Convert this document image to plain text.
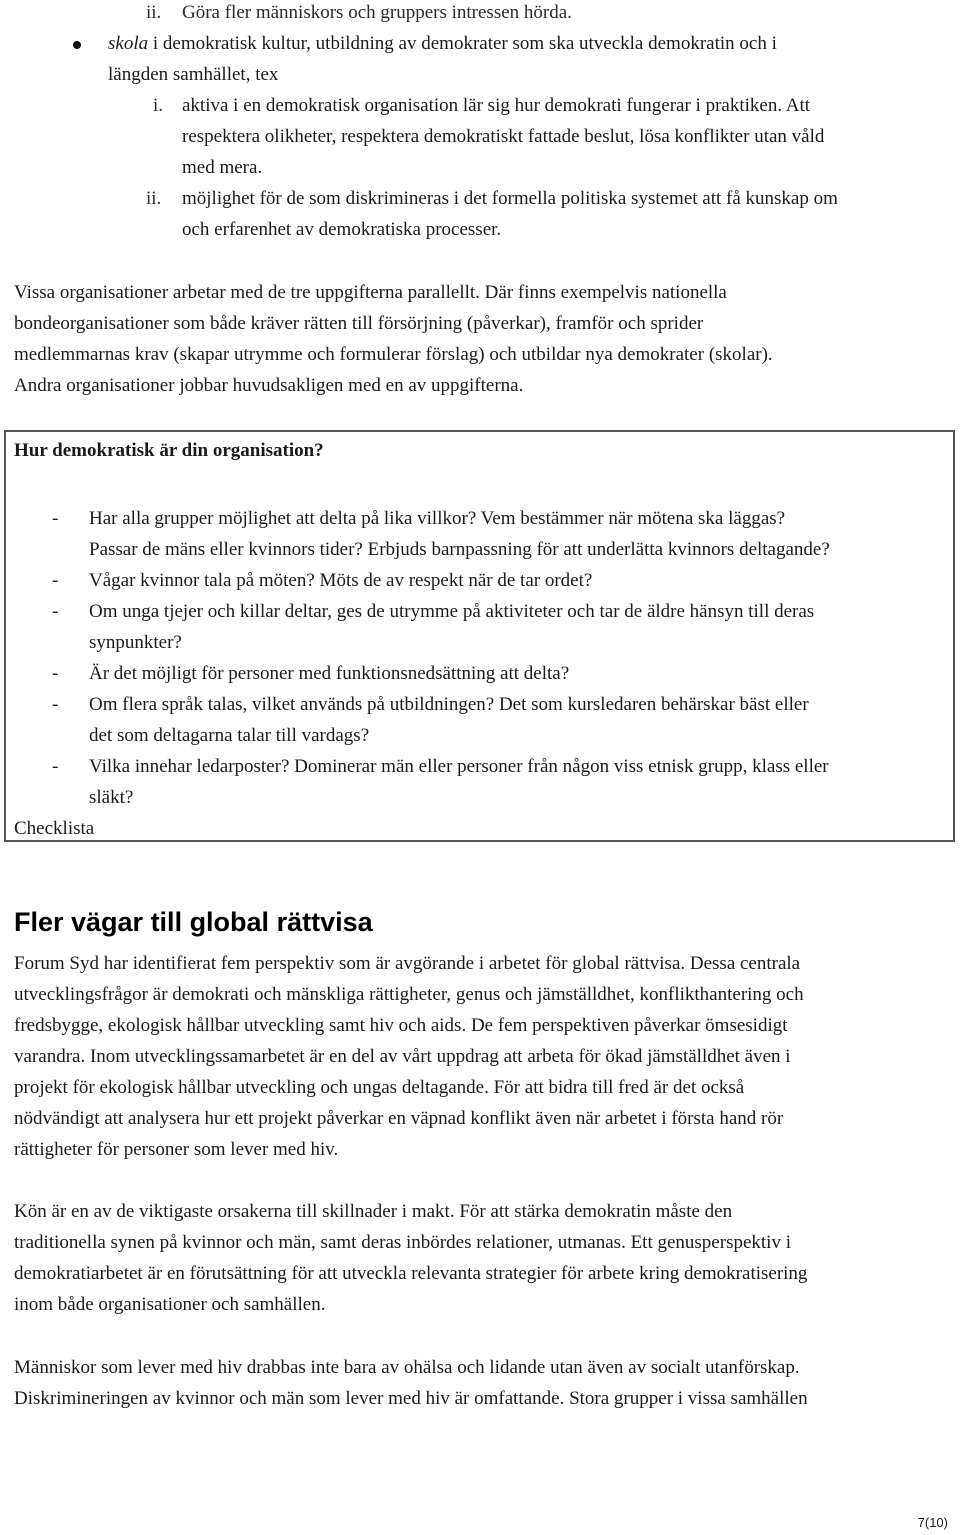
ii. Göra fler människors och gruppers intressen hörda.
skola i demokratisk kultur, utbildning av demokrater som ska utveckla demokratin och i
längden samhället, tex
i. aktiva i en demokratisk organisation lär sig hur demokrati fungerar i praktiken. Att
respektera olikheter, respektera demokratiskt fattade beslut, lösa konflikter utan våld
med mera.
ii. möjlighet för de som diskrimineras i det formella politiska systemet att få kunskap om
och erfarenhet av demokratiska processer.
Vissa organisationer arbetar med de tre uppgifterna parallellt. Där finns exempelvis nationella
bondeorganisationer som både kräver rätten till försörjning (påverkar), framför och sprider
medlemmarnas krav (skapar utrymme och formulerar förslag) och utbildar nya demokrater (skolar).
Andra organisationer jobbar huvudsakligen med en av uppgifterna.
Hur demokratisk är din organisation?
- Har alla grupper möjlighet att delta på lika villkor? Vem bestämmer när mötena ska läggas?
Passar de mäns eller kvinnors tider? Erbjuds barnpassning för att underlätta kvinnors deltagande?
- Vågar kvinnor tala på möten? Möts de av respekt när de tar ordet?
- Om unga tjejer och killar deltar, ges de utrymme på aktiviteter och tar de äldre hänsyn till deras
synpunkter?
- Är det möjligt för personer med funktionsnedsättning att delta?
- Om flera språk talas, vilket används på utbildningen? Det som kursledaren behärskar bäst eller
det som deltagarna talar till vardags?
- Vilka innehar ledarposter? Dominerar män eller personer från någon viss etnisk grupp, klass eller
släkt?
Checklista
Fler vägar till global rättvisa
Forum Syd har identifierat fem perspektiv som är avgörande i arbetet för global rättvisa. Dessa centrala
utvecklingsfrågor är demokrati och mänskliga rättigheter, genus och jämställdhet, konflikthantering och
fredsbygge, ekologisk hållbar utveckling samt hiv och aids. De fem perspektiven påverkar ömsesidigt
varandra. Inom utvecklingssamarbetet är en del av vårt uppdrag att arbeta för ökad jämställdhet även i
projekt för ekologisk hållbar utveckling och ungas deltagande. För att bidra till fred är det också
nödvändigt att analysera hur ett projekt påverkar en väpnad konflikt även när arbetet i första hand rör
rättigheter för personer som lever med hiv.
Kön är en av de viktigaste orsakerna till skillnader i makt. För att stärka demokratin måste den
traditionella synen på kvinnor och män, samt deras inbördes relationer, utmanas. Ett genusperspektiv i
demokratiarbetet är en förutsättning för att utveckla relevanta strategier för arbete kring demokratisering
inom både organisationer och samhällen.
Människor som lever med hiv drabbas inte bara av ohälsa och lidande utan även av socialt utanförskap.
Diskrimineringen av kvinnor och män som lever med hiv är omfattande. Stora grupper i vissa samhällen
7(10)
